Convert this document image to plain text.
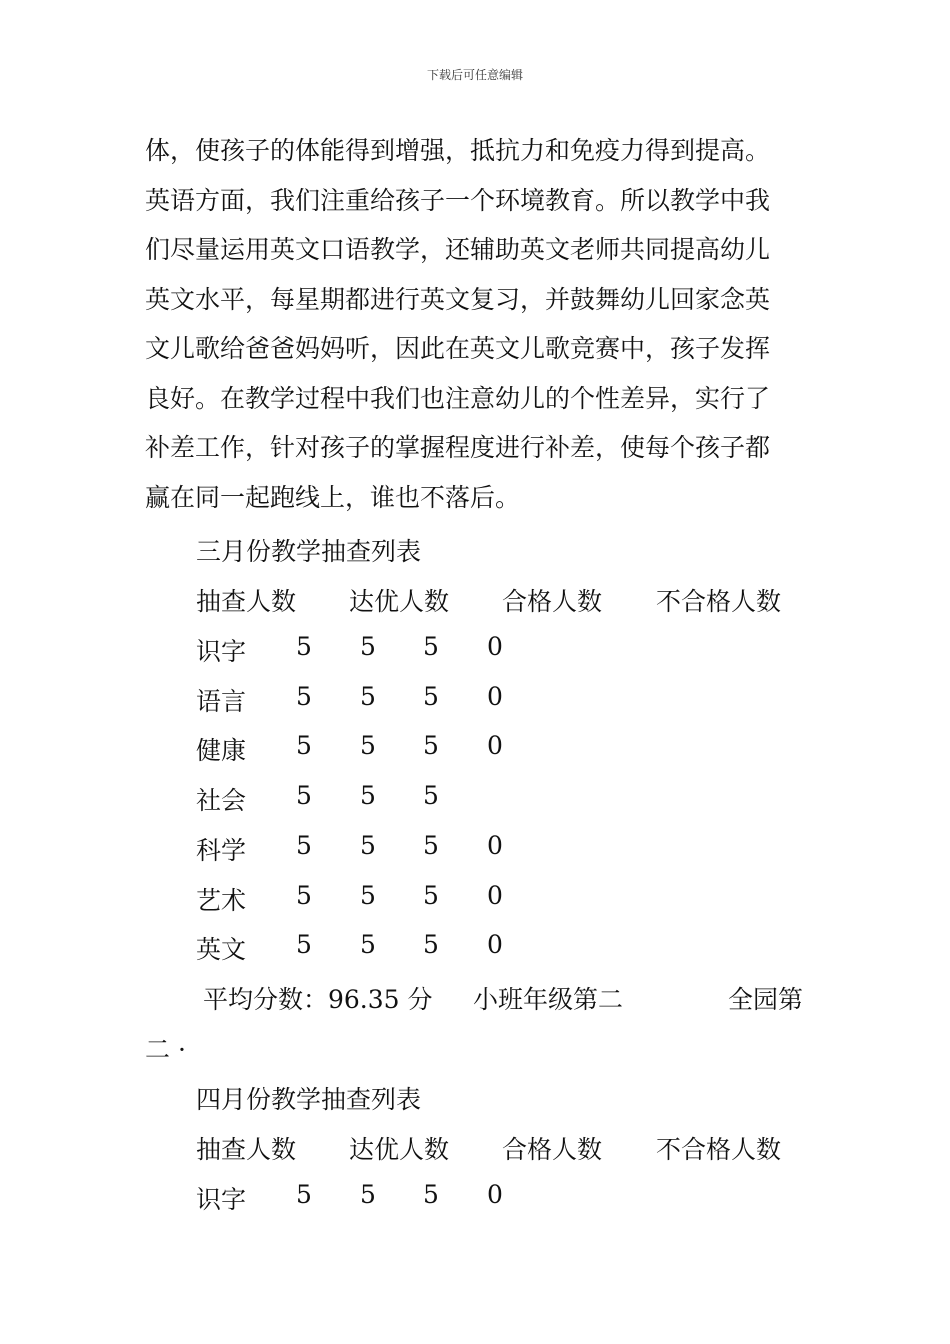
下载后可任意编辑
体，使孩子的体能得到增强，抵抗力和免疫力得到提高。
英语方面，我们注重给孩子一个环境教育。所以教学中我
们尽量运用英文口语教学，还辅助英文老师共同提高幼儿
英文水平，每星期都进行英文复习，并鼓舞幼儿回家念英
文儿歌给爸爸妈妈听，因此在英文儿歌竞赛中，孩子发挥
良好。在教学过程中我们也注意幼儿的个性差异，实行了
补差工作，针对孩子的掌握程度进行补差，使每个孩子都
赢在同一起跑线上，谁也不落后。
三月份教学抽查列表
抽查人数 达优人数 合格人数 不合格人数
识字 5 5 5 0
语言 5 5 5 0
健康 5 5 5 0
社会 5 5 5
科学 5 5 5 0
艺术 5 5 5 0
英文 5 5 5 0
平均分数：96.35 分 小班年级第二	全园第
二 ·
四月份教学抽查列表
抽查人数 达优人数 合格人数 不合格人数
识字 5 5 5 0
